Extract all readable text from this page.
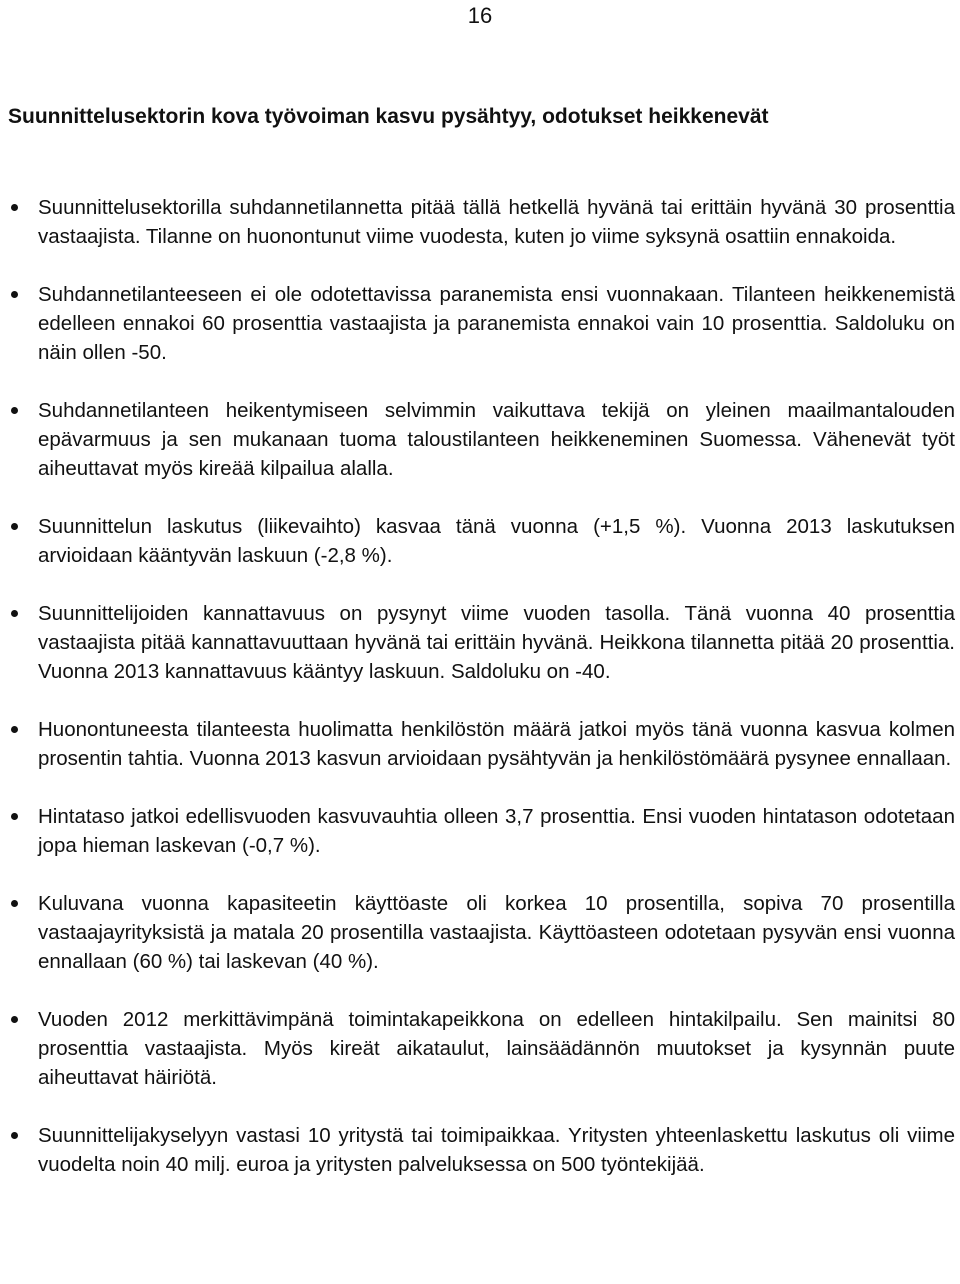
16
Suunnittelusektorin kova työvoiman kasvu pysähtyy, odotukset heikkenevät
Suunnittelusektorilla suhdannetilannetta pitää tällä hetkellä hyvänä tai erittäin hyvänä 30 prosenttia vastaajista. Tilanne on huonontunut viime vuodesta, kuten jo viime syksynä osattiin ennakoida.
Suhdannetilanteeseen ei ole odotettavissa paranemista ensi vuonnakaan. Tilanteen heikkenemistä edelleen ennakoi 60 prosenttia vastaajista ja paranemista ennakoi vain 10 prosenttia. Saldoluku on näin ollen -50.
Suhdannetilanteen heikentymiseen selvimmin vaikuttava tekijä on yleinen maailmantalouden epävarmuus ja sen mukanaan tuoma taloustilanteen heikkeneminen Suomessa. Vähenevät työt aiheuttavat myös kireää kilpailua alalla.
Suunnittelun laskutus (liikevaihto) kasvaa tänä vuonna (+1,5 %). Vuonna 2013 laskutuksen arvioidaan kääntyvän laskuun (-2,8 %).
Suunnittelijoiden kannattavuus on pysynyt viime vuoden tasolla. Tänä vuonna 40 prosenttia vastaajista pitää kannattavuuttaan hyvänä tai erittäin hyvänä. Heikkona tilannetta pitää 20 prosenttia. Vuonna 2013 kannattavuus kääntyy laskuun. Saldoluku on -40.
Huonontuneesta tilanteesta huolimatta henkilöstön määrä jatkoi myös tänä vuonna kasvua kolmen prosentin tahtia. Vuonna 2013 kasvun arvioidaan pysähtyvän ja henkilöstömäärä pysynee ennallaan.
Hintataso jatkoi edellisvuoden kasvuvauhtia olleen 3,7 prosenttia. Ensi vuoden hintatason odotetaan jopa hieman laskevan (-0,7 %).
Kuluvana vuonna kapasiteetin käyttöaste oli korkea 10 prosentilla, sopiva 70 prosentilla vastaajayrityksistä ja matala 20 prosentilla vastaajista. Käyttöasteen odotetaan pysyvän ensi vuonna ennallaan (60 %) tai laskevan (40 %).
Vuoden 2012 merkittävimpänä toimintakapeikkona on edelleen hintakilpailu. Sen mainitsi 80 prosenttia vastaajista. Myös kireät aikataulut, lainsäädännön muutokset ja kysynnän puute aiheuttavat häiriötä.
Suunnittelijakyselyyn vastasi 10 yritystä tai toimipaikkaa. Yritysten yhteenlaskettu laskutus oli viime vuodelta noin 40 milj. euroa ja yritysten palveluksessa on 500 työntekijää.
